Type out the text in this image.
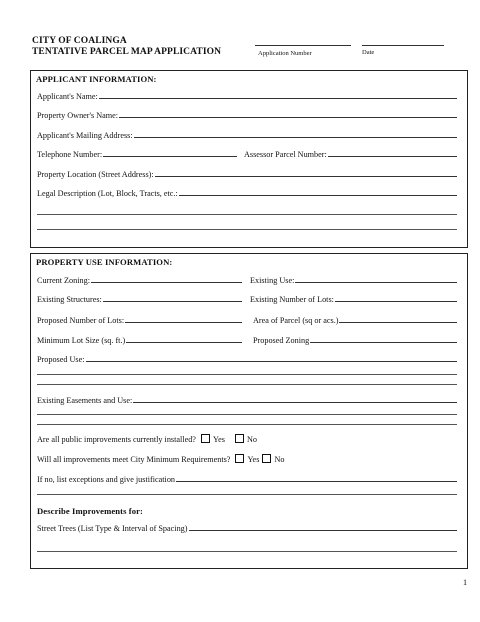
CITY OF COALINGA
TENTATIVE PARCEL MAP APPLICATION	Application Number	Date
APPLICANT INFORMATION:
Applicant's Name:
Property Owner's Name:
Applicant's Mailing Address:
Telephone Number:	Assessor Parcel Number:
Property Location (Street Address):
Legal Description (Lot, Block, Tracts, etc.:
PROPERTY USE INFORMATION:
Current Zoning:	Existing Use:
Existing Structures:	Existing Number of Lots:
Proposed Number of Lots:	Area of Parcel (sq or acs.)
Minimum Lot Size (sq. ft.)	Proposed Zoning
Proposed Use:
Existing Easements and Use:
Are all public improvements currently installed? Yes	No
Will all improvements meet City Minimum Requirements? Yes No
If no, list exceptions and give justification
Describe Improvements for:
Street Trees (List Type & Interval of Spacing)
1
